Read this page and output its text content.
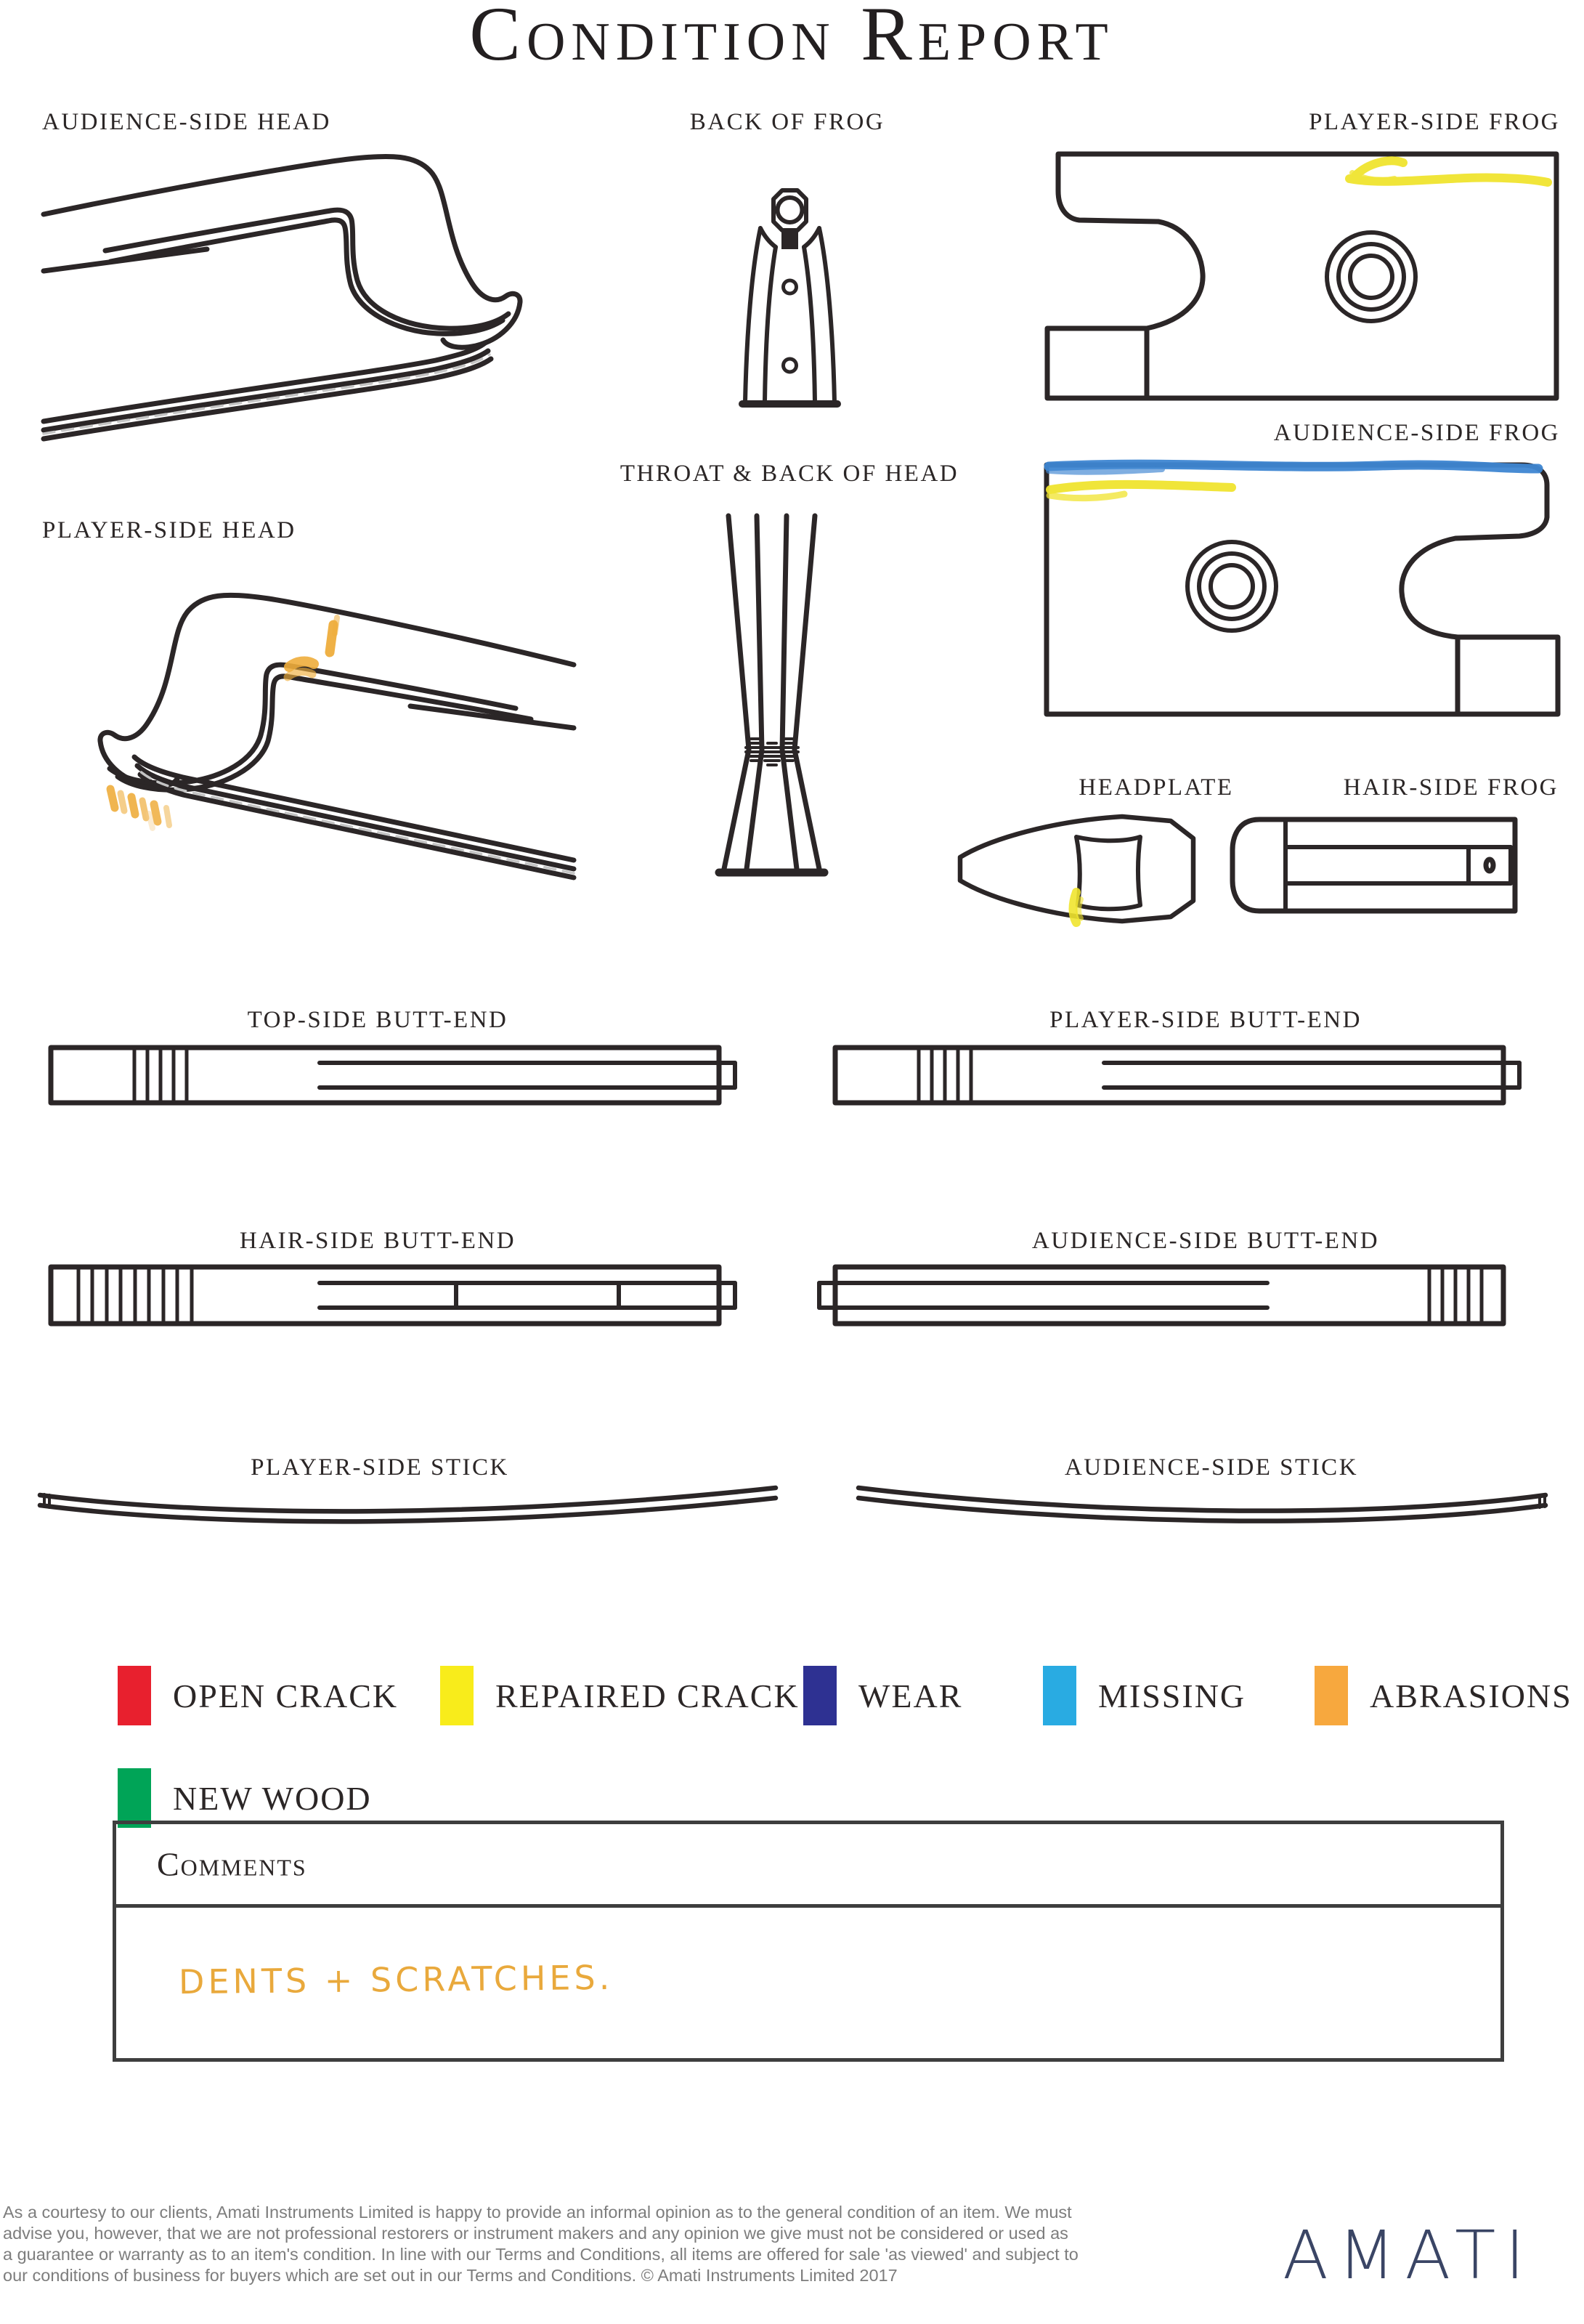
Condition Report
AUDIENCE-SIDE HEAD	BACK OF FROG	PLAYER-SIDE FROG
AUDIENCE-SIDE FROG
PLAYER-SIDE HEAD
THROAT & BACK OF HEAD
HEADPLATE	HAIR-SIDE FROG
TOP-SIDE BUTT-END	PLAYER-SIDE BUTT-END
HAIR-SIDE BUTT-END	AUDIENCE-SIDE BUTT-END
PLAYER-SIDE STICK	AUDIENCE-SIDE STICK
OPEN CRACK	REPAIRED CRACK WEAR	MISSING	ABRASIONS
NEW WOOD
Comments
DENTS + SCRATCHES.
As a courtesy to our clients, Amati Instruments Limited is happy to provide an informal opinion as to the general condition of an item. We must
advise you, however, that we are not professional restorers or instrument makers and any opinion we give must not be considered or used as
a guarantee or warranty as to an item's condition. In line with our Terms and Conditions, all items are offered for sale 'as viewed' and subject to
our conditions of business for buyers which are set out in our Terms and Conditions. © Amati Instruments Limited 2017	AMATI
